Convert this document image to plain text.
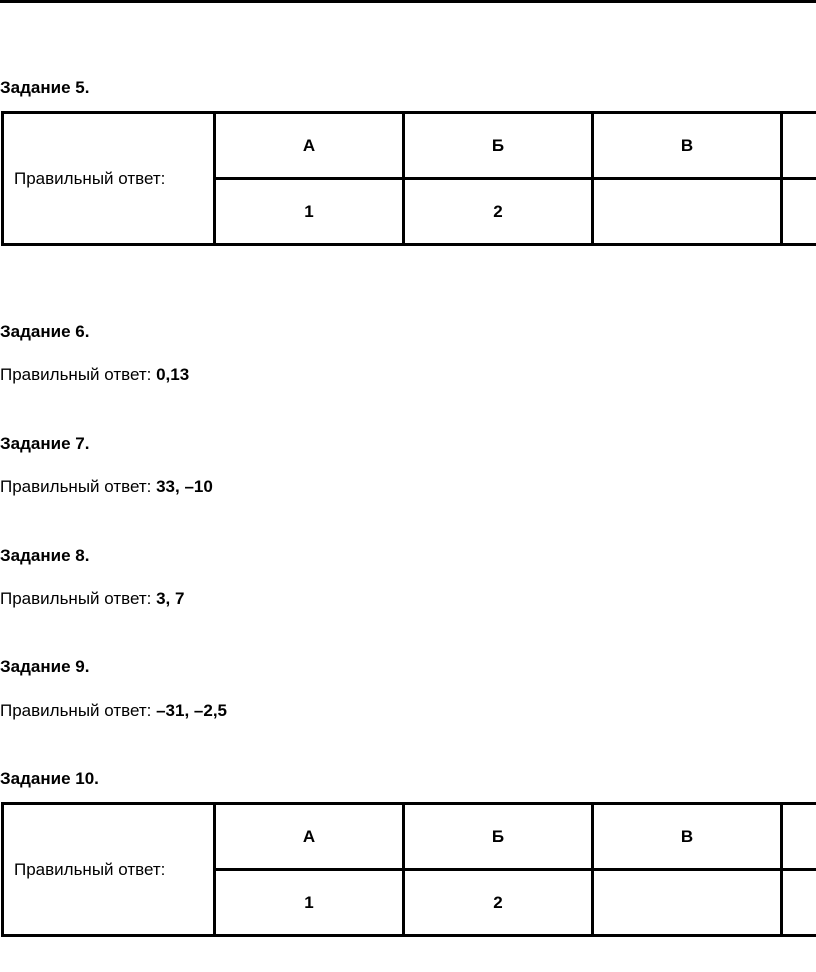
Задание 5.
Правильный ответ:	А	Б	В	
	1	2		
Задание 6.
Правильный ответ: 0,13
Задание 7.
Правильный ответ: 33, –10
Задание 8.
Правильный ответ: 3, 7
Задание 9.
Правильный ответ: –31, –2,5
Задание 10.
Правильный ответ:	А	Б	В	
	1	2		
